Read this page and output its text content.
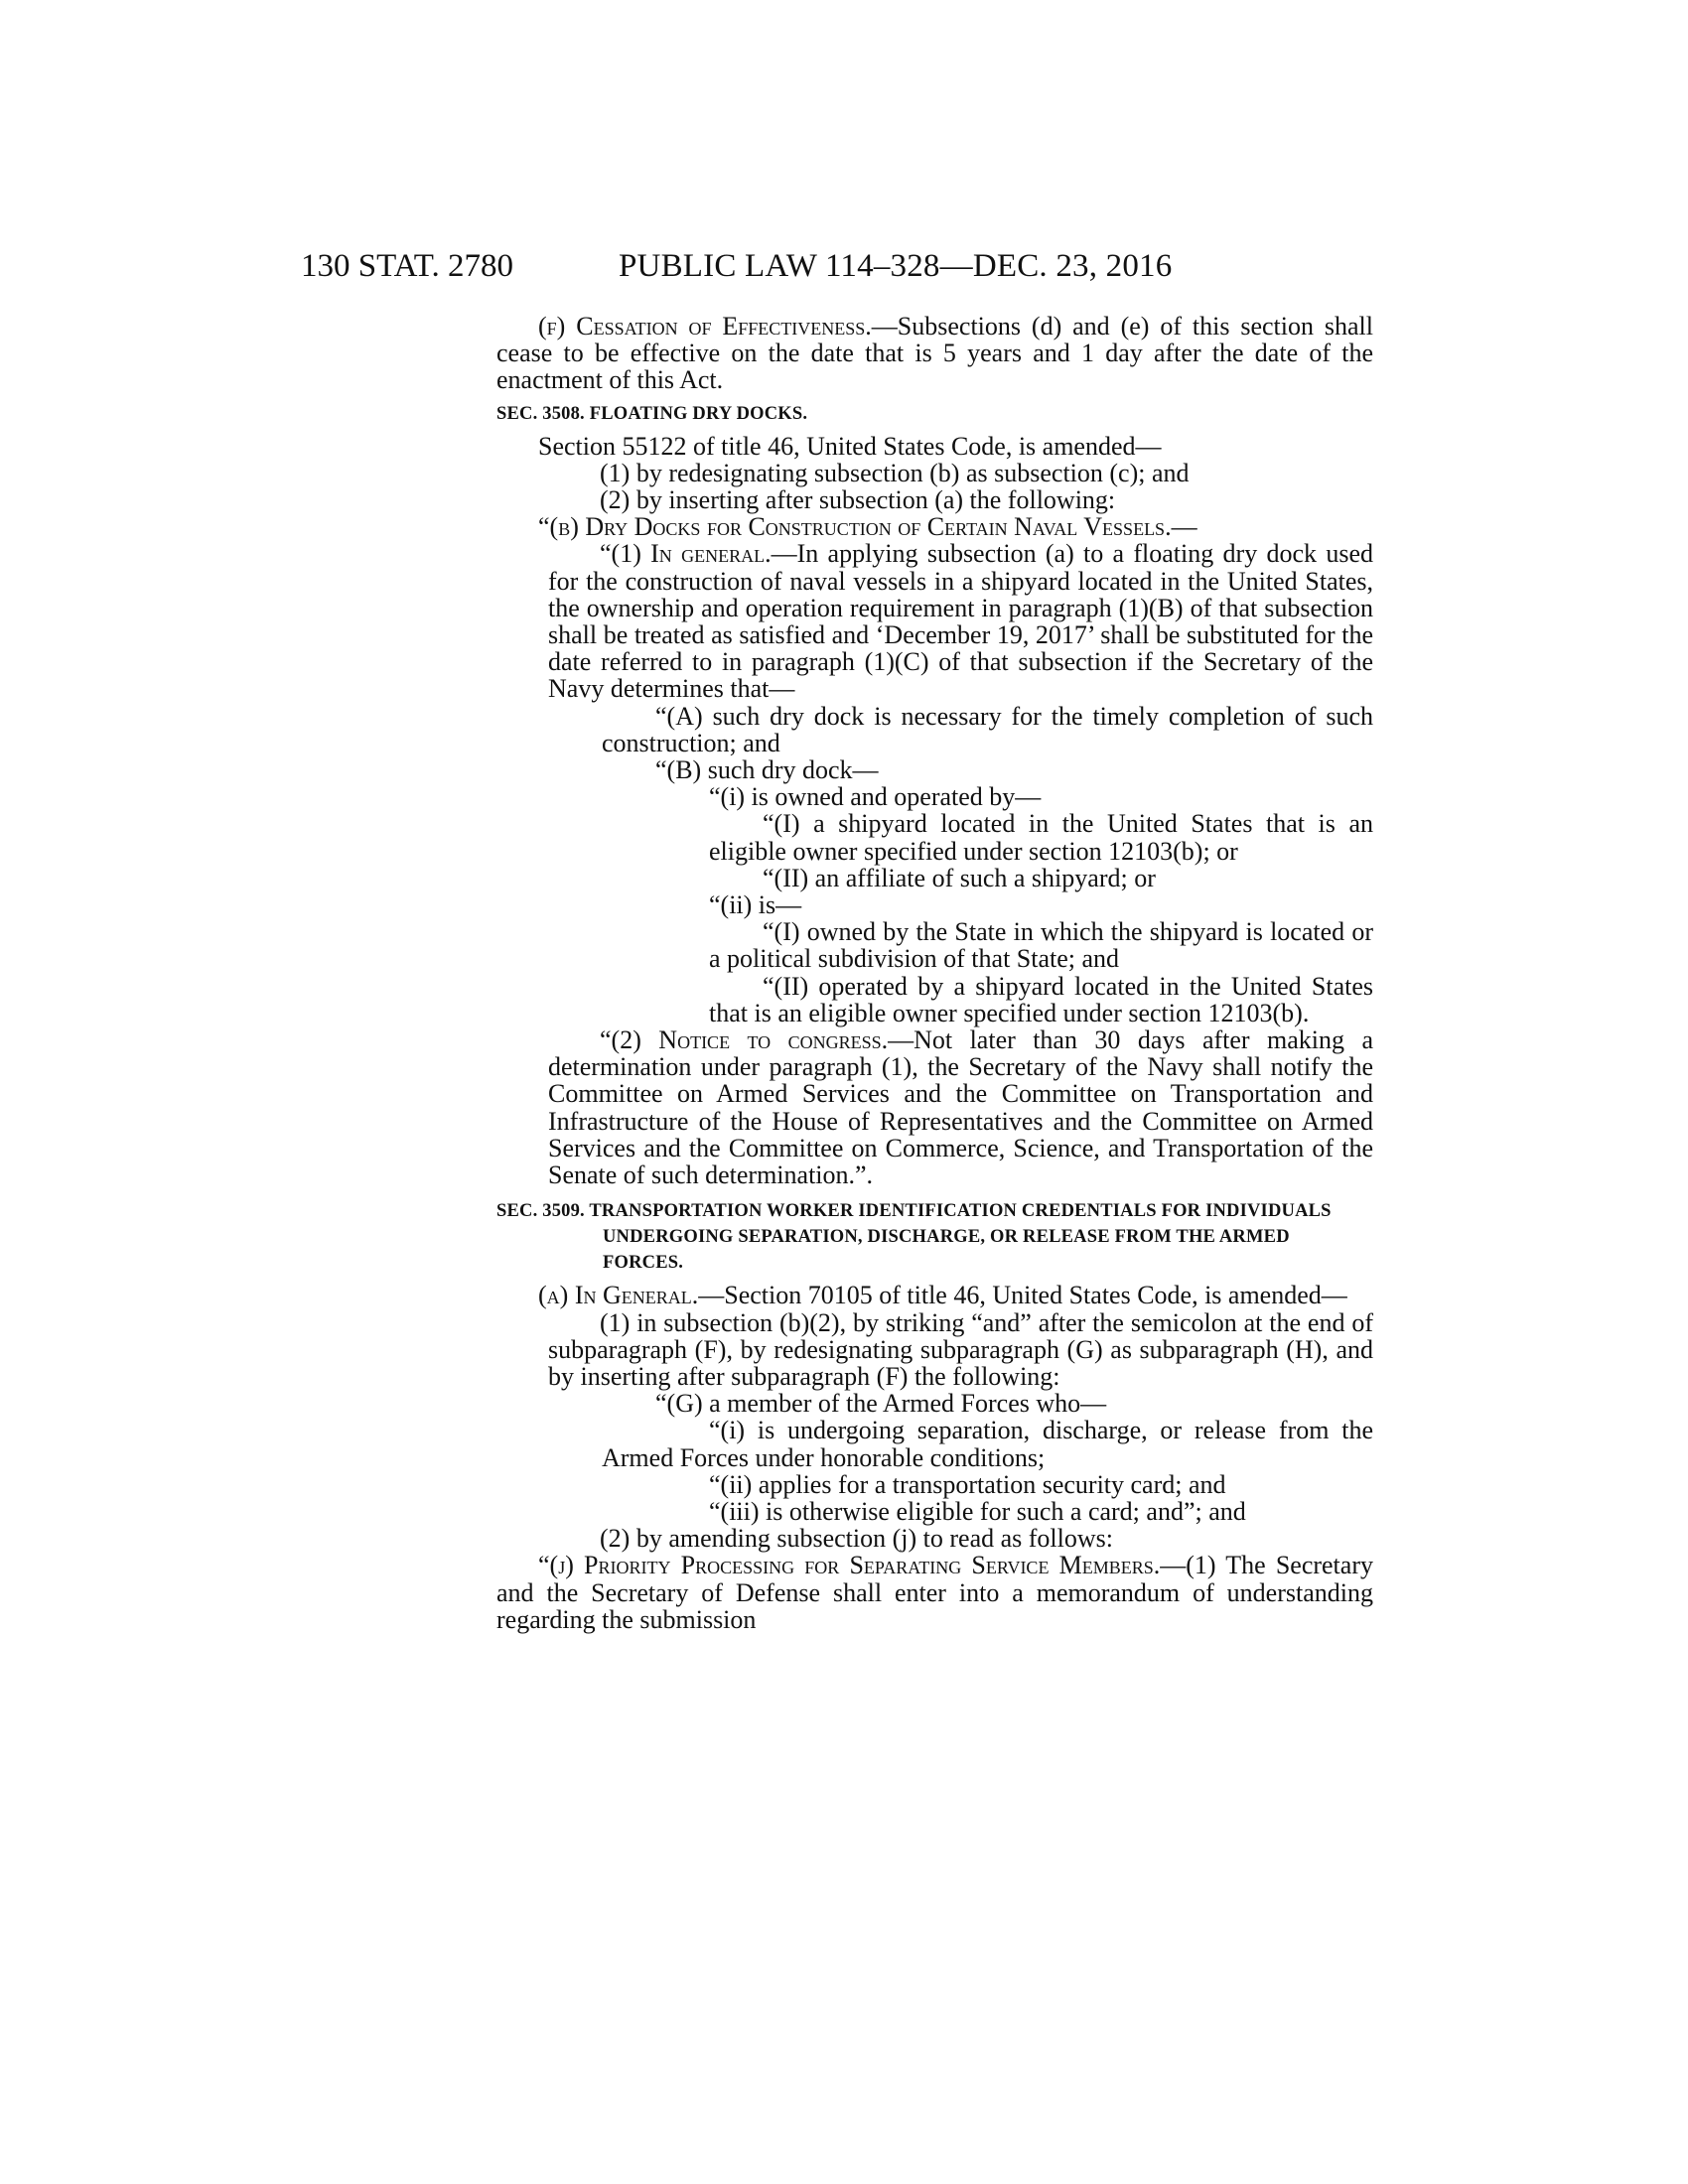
130 STAT. 2780	PUBLIC LAW 114–328—DEC. 23, 2016

(f) Cessation of Effectiveness.—Subsections (d) and (e) of this section shall cease to be effective on the date that is 5 years and 1 day after the date of the enactment of this Act.

SEC. 3508. FLOATING DRY DOCKS.

Section 55122 of title 46, United States Code, is amended—

(1) by redesignating subsection (b) as subsection (c); and

(2) by inserting after subsection (a) the following:

“(b) Dry Docks for Construction of Certain Naval Vessels.—

“(1) In general.—In applying subsection (a) to a floating dry dock used for the construction of naval vessels in a shipyard located in the United States, the ownership and operation requirement in paragraph (1)(B) of that subsection shall be treated as satisfied and ‘December 19, 2017’ shall be substituted for the date referred to in paragraph (1)(C) of that subsection if the Secretary of the Navy determines that—

“(A) such dry dock is necessary for the timely completion of such construction; and

“(B) such dry dock—

“(i) is owned and operated by—

“(I) a shipyard located in the United States that is an eligible owner specified under section 12103(b); or

“(II) an affiliate of such a shipyard; or

“(ii) is—

“(I) owned by the State in which the shipyard is located or a political subdivision of that State; and

“(II) operated by a shipyard located in the United States that is an eligible owner specified under section 12103(b).

“(2) Notice to congress.—Not later than 30 days after making a determination under paragraph (1), the Secretary of the Navy shall notify the Committee on Armed Services and the Committee on Transportation and Infrastructure of the House of Representatives and the Committee on Armed Services and the Committee on Commerce, Science, and Transportation of the Senate of such determination.”.

SEC. 3509. TRANSPORTATION WORKER IDENTIFICATION CREDENTIALS FOR INDIVIDUALS UNDERGOING SEPARATION, DISCHARGE, OR RELEASE FROM THE ARMED FORCES.

(a) In General.—Section 70105 of title 46, United States Code, is amended—

(1) in subsection (b)(2), by striking “and” after the semicolon at the end of subparagraph (F), by redesignating subparagraph (G) as subparagraph (H), and by inserting after subparagraph (F) the following:

“(G) a member of the Armed Forces who—

“(i) is undergoing separation, discharge, or release from the Armed Forces under honorable conditions;

“(ii) applies for a transportation security card; and

“(iii) is otherwise eligible for such a card; and”; and

(2) by amending subsection (j) to read as follows:

“(j) Priority Processing for Separating Service Members.—(1) The Secretary and the Secretary of Defense shall enter into a memorandum of understanding regarding the submission
